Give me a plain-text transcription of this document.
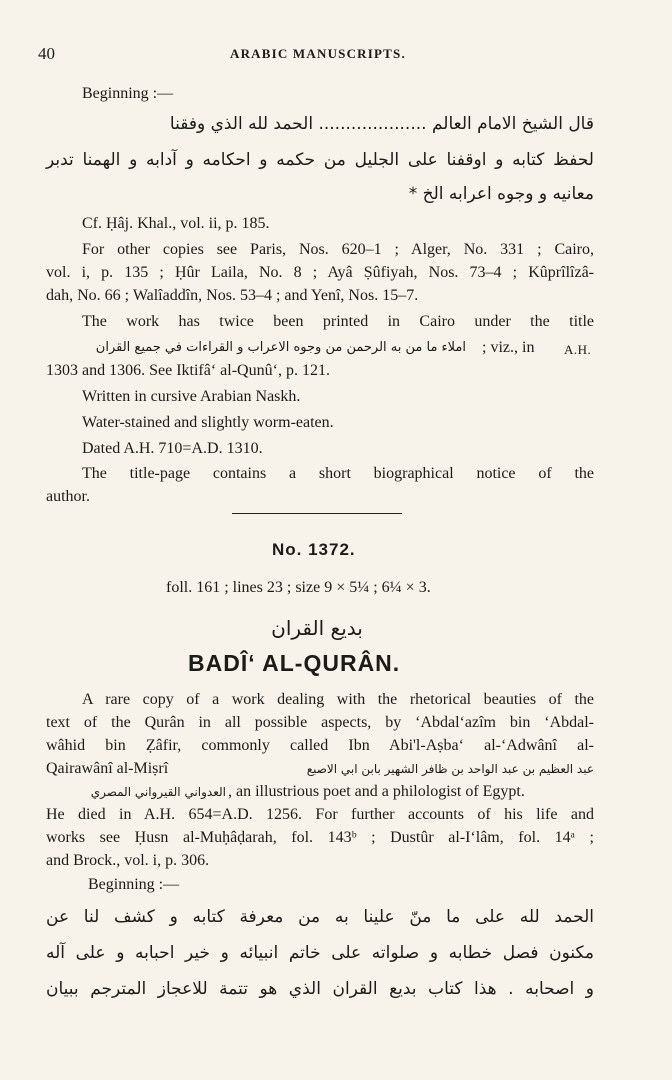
40	ARABIC MANUSCRIPTS.
Beginning :—
قال الشيخ الامام العالم .................... الحمد لله الذي وفقنا
لحفظ كتابه و اوقفنا على الجليل من حكمه و احكامه و آدابه و الهمنا تدبر
معانيه و وجوه اعرابه الخ *
Cf. Ḥâj. Khal., vol. ii, p. 185.
For other copies see Paris, Nos. 620–1 ; Alger, No. 331 ; Cairo,
vol. i, p. 135 ; Ḥûr Laila, No. 8 ; Ayâ Ṣûfiyah, Nos. 73–4 ; Kûprîlîzâ-
dah, No. 66 ; Walîaddîn, Nos. 53–4 ; and Yenî, Nos. 15–7.
The work has twice been printed in Cairo under the title
املاء ما من به الرحمن من وجوه الاعراب و القراءات في جميع القران ; viz., in A.H.
1303 and 1306. See Iktifâʻ al-Qunûʻ, p. 121.
Written in cursive Arabian Naskh.
Water-stained and slightly worm-eaten.
Dated A.H. 710=A.D. 1310.
The title-page contains a short biographical notice of the
author.
No. 1372.
foll. 161 ; lines 23 ; size 9 × 5¼ ; 6¼ × 3.
بديع القران
BADÎʻ AL-QURÂN.
A rare copy of a work dealing with the rhetorical beauties of the
text of the Qurân in all possible aspects, by ʻAbdalʻazîm bin ʻAbdal-
wâhid bin Ẓâfir, commonly called Ibn Abi'l-Aṣbaʻ al-ʻAdwânî al-
Qairawânî al-Miṣrî	عبد العظيم بن عبد الواحد بن ظافر الشهير بابن ابي الاصبع
العدواني القيرواني المصري , an illustrious poet and a philologist of Egypt.
He died in A.H. 654=A.D. 1256. For further accounts of his life and
works see Ḥusn al-Muḥâḍarah, fol. 143ᵇ ; Dustûr al-Iʻlâm, fol. 14ᵃ ;
and Brock., vol. i, p. 306.
Beginning :—
الحمد لله على ما منّ علينا به من معرفة كتابه و كشف لنا عن
مكنون فصل خطابه و صلواته على خاتم انبيائه و خير احبابه و على آله
و اصحابه . هذا كتاب بديع القران الذي هو تتمة للاعجاز المترجم ببيان
